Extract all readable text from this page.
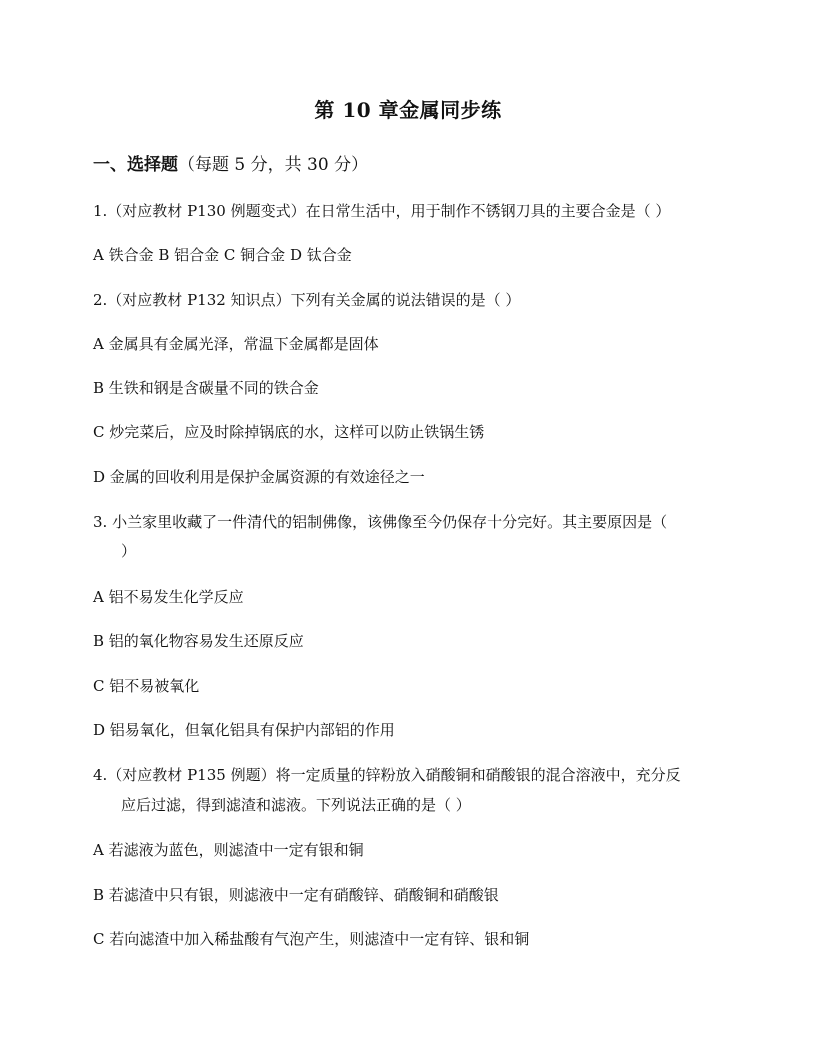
第 10 章金属同步练
一、选择题（每题 5 分，共 30 分）
1.（对应教材 P130 例题变式）在日常生活中，用于制作不锈钢刀具的主要合金是（ ）
A 铁合金 B 铝合金 C 铜合金 D 钛合金
2.（对应教材 P132 知识点）下列有关金属的说法错误的是（ ）
A 金属具有金属光泽，常温下金属都是固体
B 生铁和钢是含碳量不同的铁合金
C 炒完菜后，应及时除掉锅底的水，这样可以防止铁锅生锈
D 金属的回收利用是保护金属资源的有效途径之一
3. 小兰家里收藏了一件清代的铝制佛像，该佛像至今仍保存十分完好。其主要原因是（
）
A 铝不易发生化学反应
B 铝的氧化物容易发生还原反应
C 铝不易被氧化
D 铝易氧化，但氧化铝具有保护内部铝的作用
4.（对应教材 P135 例题）将一定质量的锌粉放入硝酸铜和硝酸银的混合溶液中，充分反
应后过滤，得到滤渣和滤液。下列说法正确的是（ ）
A 若滤液为蓝色，则滤渣中一定有银和铜
B 若滤渣中只有银，则滤液中一定有硝酸锌、硝酸铜和硝酸银
C 若向滤渣中加入稀盐酸有气泡产生，则滤渣中一定有锌、银和铜
